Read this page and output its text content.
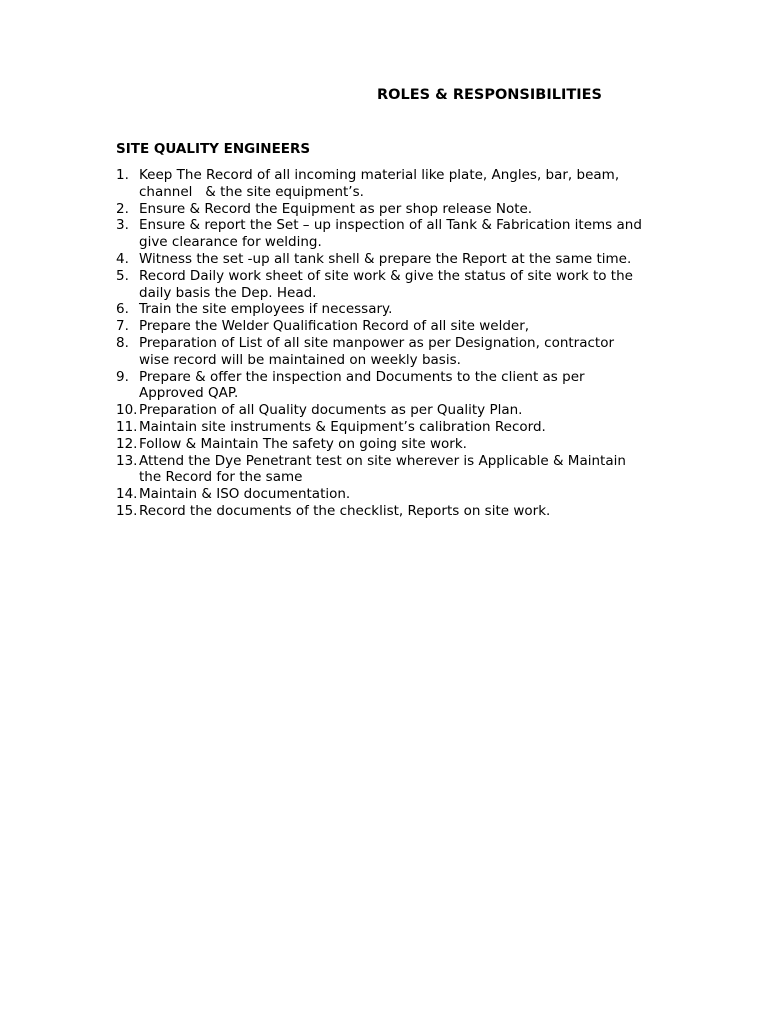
ROLES & RESPONSIBILITIES
SITE QUALITY ENGINEERS
1. Keep The Record of all incoming material like plate, Angles, bar, beam,
channel   & the site equipment’s.
2. Ensure & Record the Equipment as per shop release Note.
3. Ensure & report the Set – up inspection of all Tank & Fabrication items and
give clearance for welding.
4. Witness the set -up all tank shell & prepare the Report at the same time.
5. Record Daily work sheet of site work & give the status of site work to the
daily basis the Dep. Head.
6. Train the site employees if necessary.
7. Prepare the Welder Qualification Record of all site welder,
8. Preparation of List of all site manpower as per Designation, contractor
wise record will be maintained on weekly basis.
9. Prepare & offer the inspection and Documents to the client as per
Approved QAP.
10. Preparation of all Quality documents as per Quality Plan.
11. Maintain site instruments & Equipment’s calibration Record.
12. Follow & Maintain The safety on going site work.
13. Attend the Dye Penetrant test on site wherever is Applicable & Maintain
the Record for the same
14. Maintain & ISO documentation.
15. Record the documents of the checklist, Reports on site work.
